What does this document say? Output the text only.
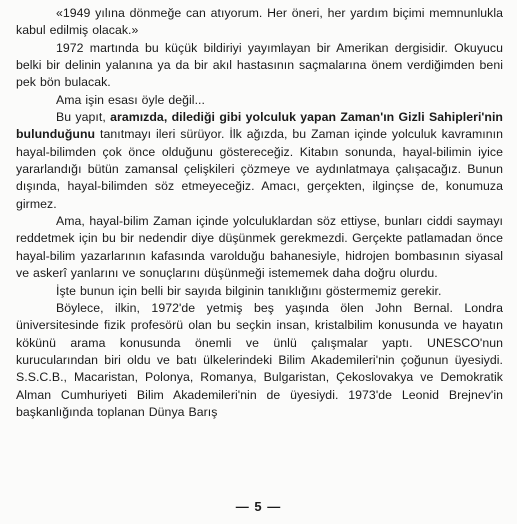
«1949 yılına dönmeğe can atıyorum. Her öneri, her yardım biçimi memnunlukla kabul edilmiş olacak.»

1972 martında bu küçük bildiriyi yayımlayan bir Amerikan dergisidir. Okuyucu belki bir delinin yalanına ya da bir akıl hastasının saçmalarına önem verdiğimden beni pek bön bulacak.

Ama işin esası öyle değil...

Bu yapıt, aramızda, dilediği gibi yolculuk yapan Zaman'ın Gizli Sahipleri'nin bulunduğunu tanıtmayı ileri sürüyor. İlk ağızda, bu Zaman içinde yolculuk kavramının hayal-bilimden çok önce olduğunu göstereceğiz. Kitabın sonunda, hayal-bilimin iyice yararlandığı bütün zamansal çelişkileri çözmeye ve aydınlatmaya çalışacağız. Bunun dışında, hayal-bilimden söz etmeyeceğiz. Amacı, gerçekten, ilginçse de, konumuza girmez.

Ama, hayal-bilim Zaman içinde yolculuklardan söz ettiyse, bunları ciddi saymayı reddetmek için bu bir nedendir diye düşünmek gerekmezdi. Gerçekte patlamadan önce hayal-bilim yazarlarının kafasında varolduğu bahanesiyle, hidrojen bombasının siyasal ve askerî yanlarını ve sonuçlarını düşünmeği istememek daha doğru olurdu.

İşte bunun için belli bir sayıda bilginin tanıklığını göstermemiz gerekir.

Böylece, ilkin, 1972'de yetmiş beş yaşında ölen John Bernal. Londra üniversitesinde fizik profesörü olan bu seçkin insan, kristalbilim konusunda ve hayatın kökünü arama konusunda önemli ve ünlü çalışmalar yaptı. UNESCO'nun kurucularından biri oldu ve batı ülkelerindeki Bilim Akademileri'nin çoğunun üyesiydi. S.S.C.B., Macaristan, Polonya, Romanya, Bulgaristan, Çekoslovakya ve Demokratik Alman Cumhuriyeti Bilim Akademileri'nin de üyesiydi. 1973'de Leonid Brejnev'in başkanlığında toplanan Dünya Barış

— 5 —
